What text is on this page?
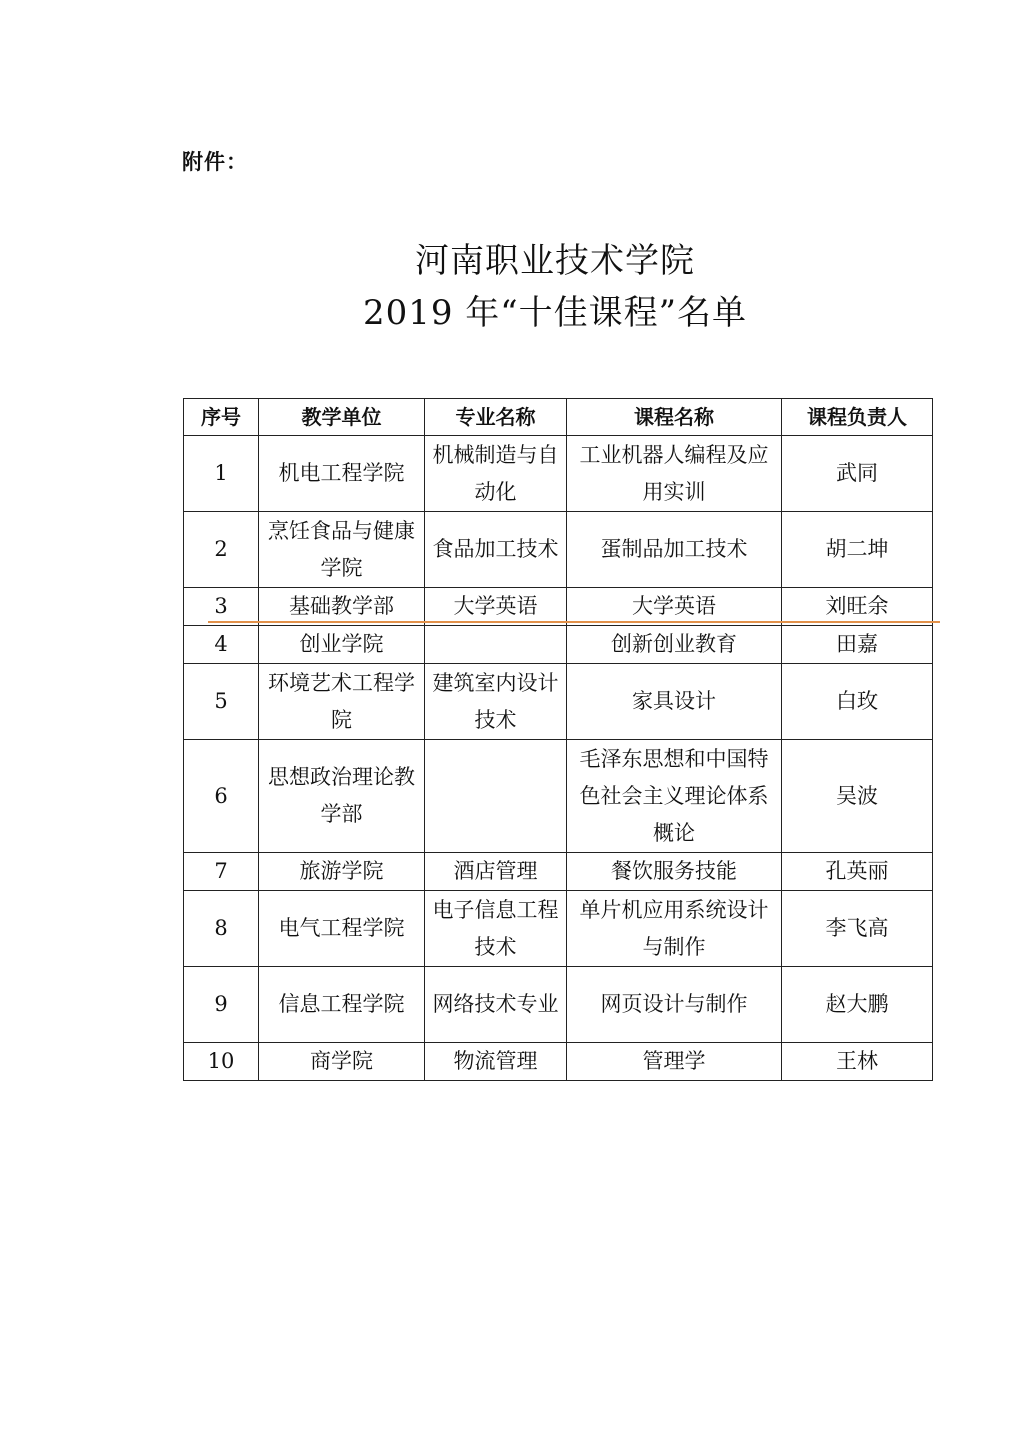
附件：
河南职业技术学院
2019 年“十佳课程”名单
序号	教学单位	专业名称	课程名称	课程负责人
1	机电工程学院	机械制造与自动化	工业机器人编程及应用实训	武同
2	烹饪食品与健康学院	食品加工技术	蛋制品加工技术	胡二坤
3	基础教学部	大学英语	大学英语	刘旺余
4	创业学院		创新创业教育	田嘉
5	环境艺术工程学院	建筑室内设计技术	家具设计	白玫
6	思想政治理论教学部		毛泽东思想和中国特色社会主义理论体系概论	吴波
7	旅游学院	酒店管理	餐饮服务技能	孔英丽
8	电气工程学院	电子信息工程技术	单片机应用系统设计与制作	李飞高
9	信息工程学院	网络技术专业	网页设计与制作	赵大鹏
10	商学院	物流管理	管理学	王林
